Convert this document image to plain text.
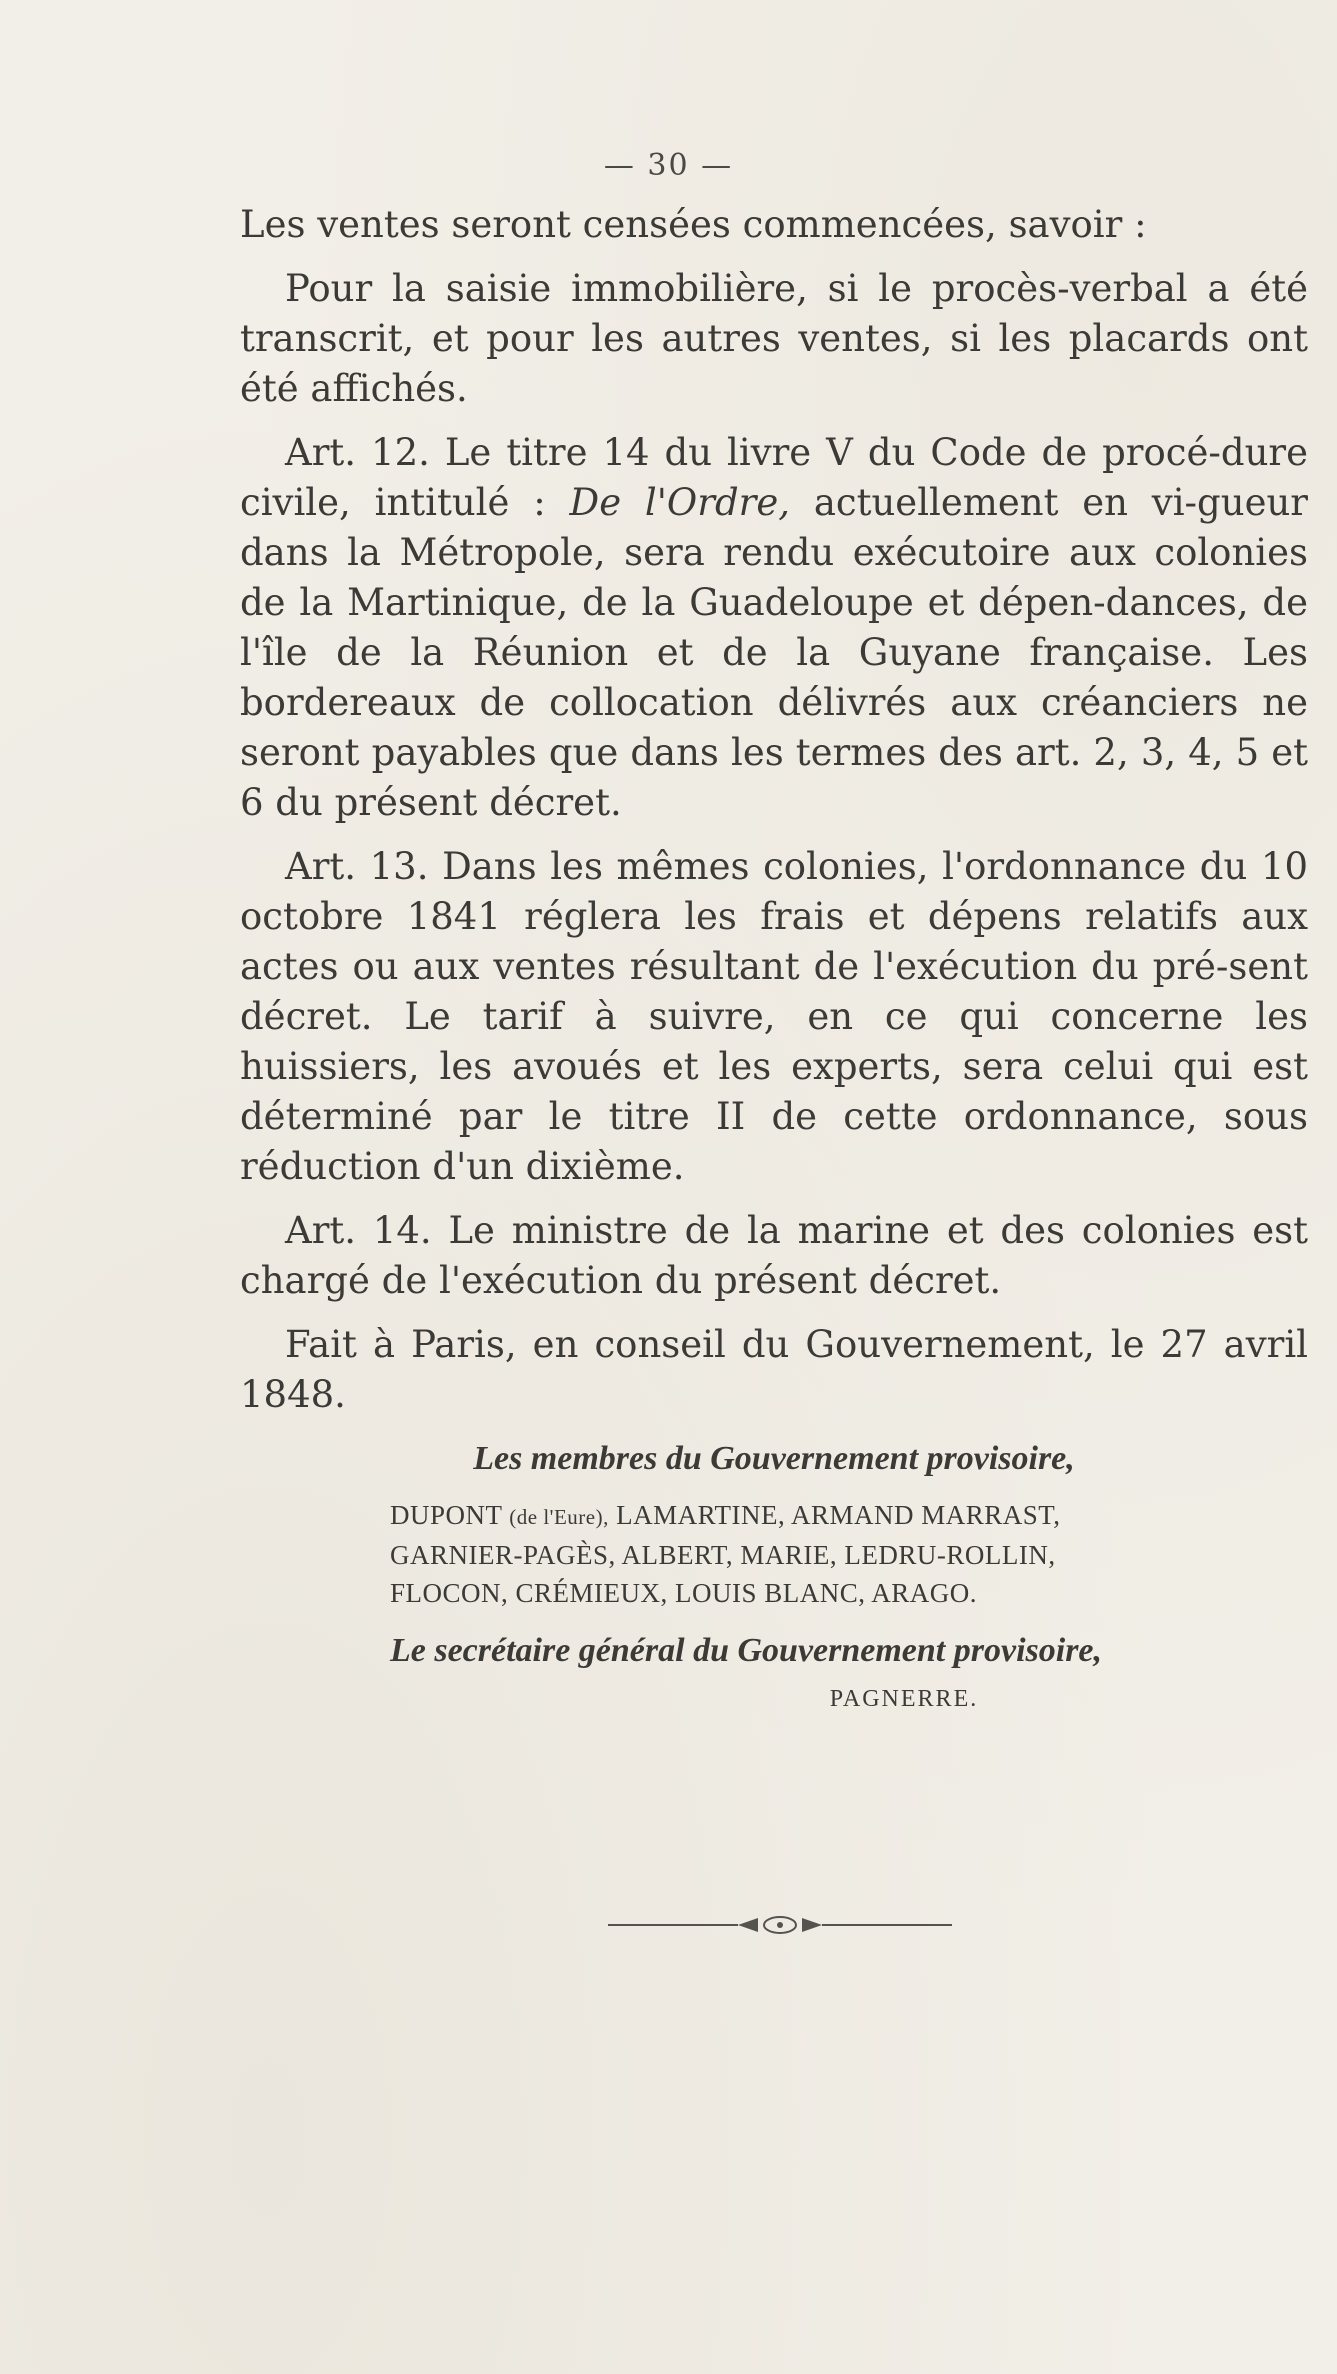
— 30 —

Les ventes seront censées commencées, savoir :

Pour la saisie immobilière, si le procès-verbal a été transcrit, et pour les autres ventes, si les placards ont été affichés.

Art. 12. Le titre 14 du livre V du Code de procé-dure civile, intitulé : De l'Ordre, actuellement en vi-gueur dans la Métropole, sera rendu exécutoire aux colonies de la Martinique, de la Guadeloupe et dépen-dances, de l'île de la Réunion et de la Guyane française. Les bordereaux de collocation délivrés aux créanciers ne seront payables que dans les termes des art. 2, 3, 4, 5 et 6 du présent décret.

Art. 13. Dans les mêmes colonies, l'ordonnance du 10 octobre 1841 réglera les frais et dépens relatifs aux actes ou aux ventes résultant de l'exécution du pré-sent décret. Le tarif à suivre, en ce qui concerne les huissiers, les avoués et les experts, sera celui qui est déterminé par le titre II de cette ordonnance, sous réduction d'un dixième.

Art. 14. Le ministre de la marine et des colonies est chargé de l'exécution du présent décret.

Fait à Paris, en conseil du Gouvernement, le 27 avril 1848.

Les membres du Gouvernement provisoire,
DUPONT (de l'Eure), LAMARTINE, ARMAND MARRAST,
GARNIER-PAGÈS, ALBERT, MARIE, LEDRU-ROLLIN,
FLOCON, CRÉMIEUX, LOUIS BLANC, ARAGO.
Le secrétaire général du Gouvernement provisoire,
PAGNERRE.
